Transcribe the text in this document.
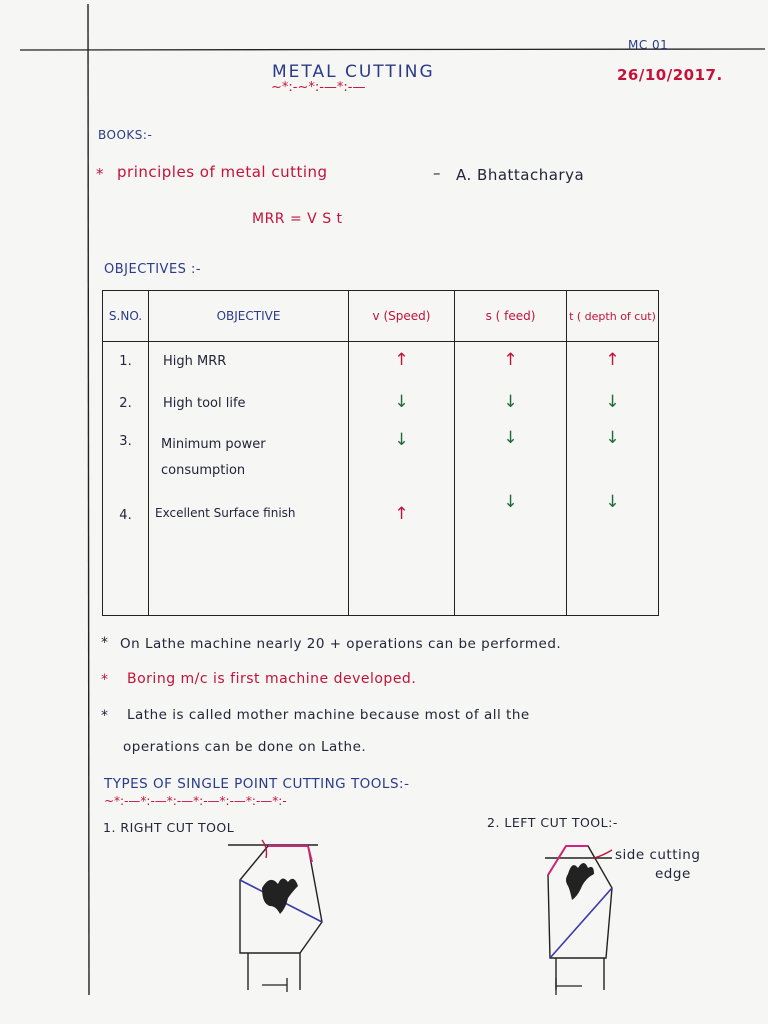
MC 01
26/10/2017.
METAL CUTTING
~*:-~*:-—*:-—
BOOKS:-
* principles of metal cutting	– A. Bhattacharya
MRR = V S t
OBJECTIVES :-
S.NO.	OBJECTIVE	v (Speed)	s ( feed)	t ( depth of cut)
1.	High MRR	↑	↑	↑

2.	High tool life	↓	↓	↓

3.	Minimum power consumption	↓	↓	↓

4.	Excellent Surface finish	↑	↓	↓
* On Lathe machine nearly 20 + operations can be performed.
* Boring m/c is first machine developed.
* Lathe is called mother machine because most of all the
operations can be done on Lathe.
TYPES OF SINGLE POINT CUTTING TOOLS:-
~*:-—*:-—*:-—*:-—*:-—*:-—*:-
1. RIGHT CUT TOOL	2. LEFT CUT TOOL:-
side cutting
edge
